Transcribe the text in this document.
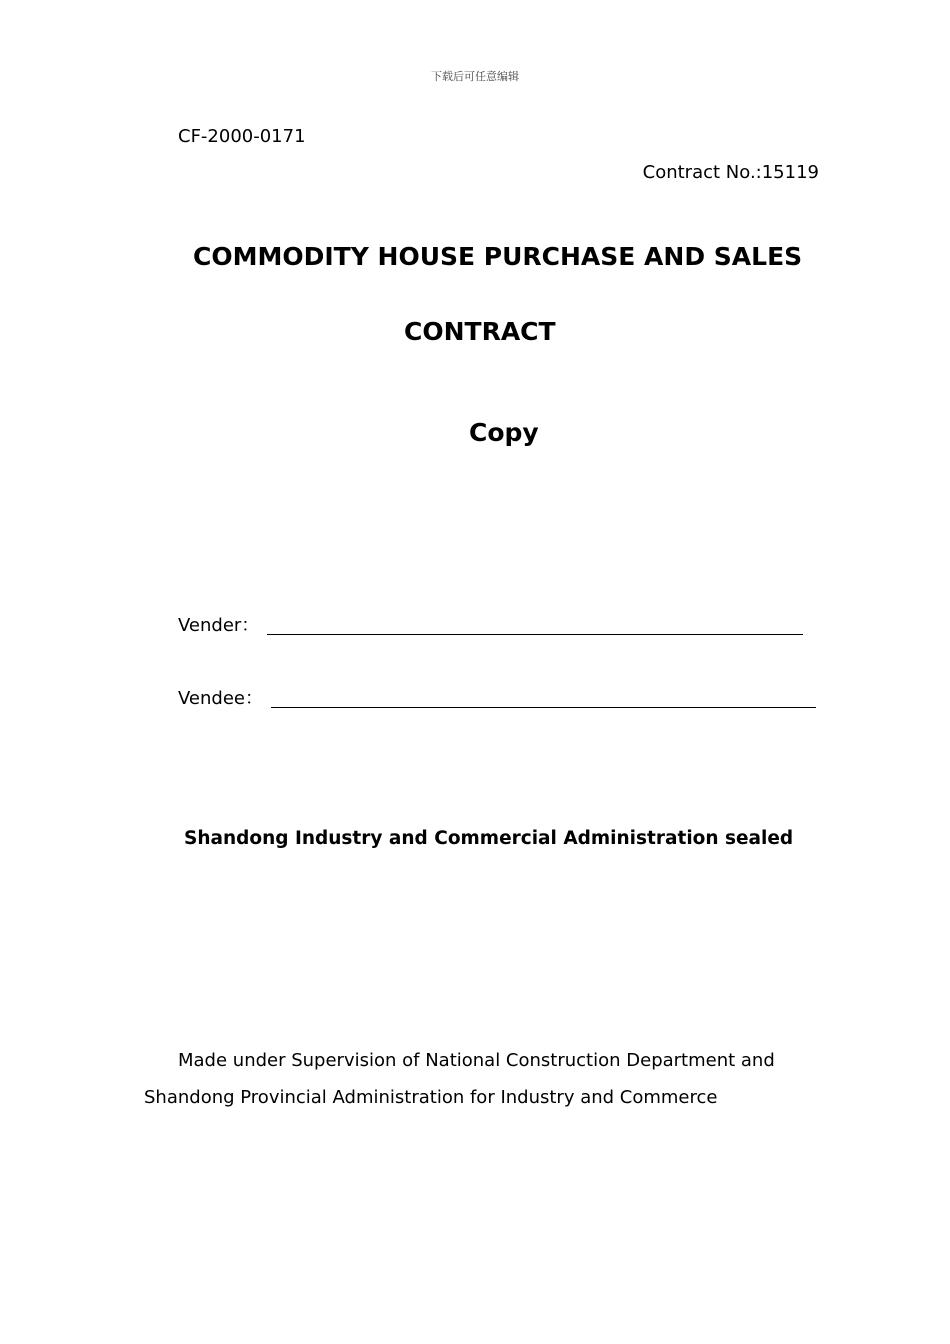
下载后可任意编辑
CF-2000-0171
Contract No.:15119
COMMODITY HOUSE PURCHASE AND SALES
CONTRACT
Copy
Vender：
Vendee：
Shandong Industry and Commercial Administration sealed
Made under Supervision of National Construction Department and Shandong Provincial Administration for Industry and Commerce
